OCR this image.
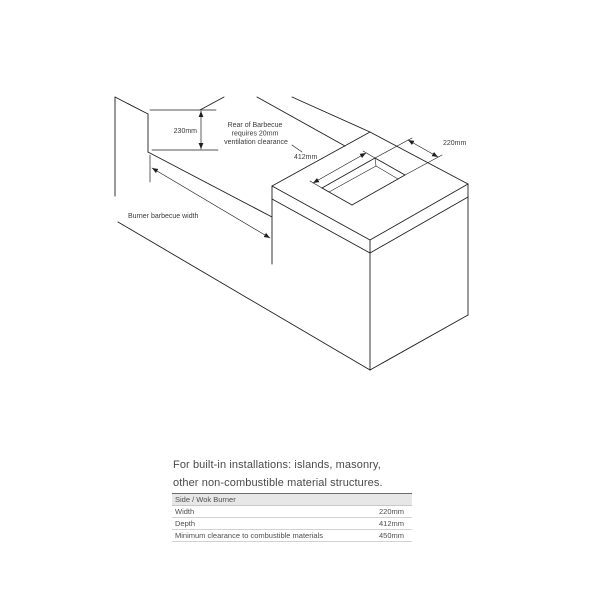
230mm
Rear of Barbecue requires 20mm ventilation clearance
412mm
220mm
Burner barbecue width
For built-in installations: islands, masonry,
other non-combustible material structures.
Side / Wok Burner
Width	220mm
Depth	412mm
Minimum clearance to combustible materials	450mm
